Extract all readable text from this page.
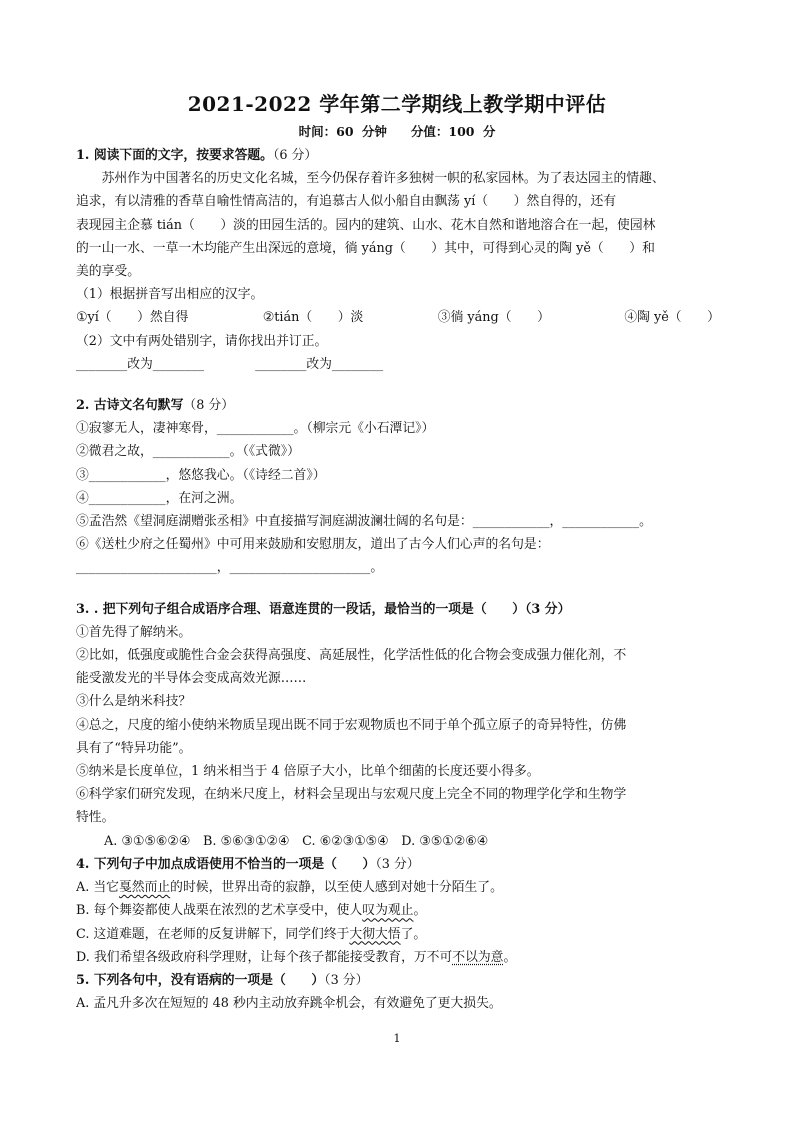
2021-2022 学年第二学期线上教学期中评估
时间：60 分钟 分值：100 分
1. 阅读下面的文字，按要求答题。（6 分）
苏州作为中国著名的历史文化名城，至今仍保存着许多独树一帜的私家园林。为了表达园主的情趣、
追求，有以清雅的香草自喻性情高洁的，有追慕古人似小船自由飘荡 yí（　　）然自得的，还有
表现园主企慕 tián（　　）淡的田园生活的。园内的建筑、山水、花木自然和谐地溶合在一起，使园林
的一山一水、一草一木均能产生出深远的意境，徜 yáng（　　）其中，可得到心灵的陶 yě（　　）和
美的享受。
（1）根据拼音写出相应的汉字。
①yí（　　）然自得	②tián（　　）淡	③徜 yáng（　　）	④陶 yě（　　）
（2）文中有两处错别字，请你找出并订正。
________改为________　　　　________改为________
2. 古诗文名句默写（8 分）
①寂寥无人，凄神寒骨，____________。（柳宗元《小石潭记》）
②微君之故，____________。（《式微》）
③____________，悠悠我心。（《诗经二首》）
④____________，在河之洲。
⑤孟浩然《望洞庭湖赠张丞相》中直接描写洞庭湖波澜壮阔的名句是：____________，____________。
⑥《送杜少府之任蜀州》中可用来鼓励和安慰朋友，道出了古今人们心声的名句是：
______________________，______________________。
3. . 把下列句子组合成语序合理、语意连贯的一段话，最恰当的一项是（　　）（3 分）
①首先得了解纳米。
②比如，低强度或脆性合金会获得高强度、高延展性，化学活性低的化合物会变成强力催化剂，不
能受激发光的半导体会变成高效光源……
③什么是纳米科技？
④总之，尺度的缩小使纳米物质呈现出既不同于宏观物质也不同于单个孤立原子的奇异特性，仿佛
具有了“特异功能”。
⑤纳米是长度单位，1 纳米相当于 4 倍原子大小，比单个细菌的长度还要小得多。
⑥科学家们研究发现，在纳米尺度上，材料会呈现出与宏观尺度上完全不同的物理学化学和生物学
特性。
A. ③①⑤⑥②④　B. ⑤⑥③①②④　C. ⑥②③①⑤④　D. ③⑤①②⑥④
4. 下列句子中加点成语使用不恰当的一项是（　　）（3 分）
A. 当它戛然而止的时候，世界出奇的寂静，以至使人感到对她十分陌生了。
B. 每个舞姿都使人战栗在浓烈的艺术享受中，使人叹为观止。
C. 这道难题，在老师的反复讲解下，同学们终于大彻大悟了。
D. 我们希望各级政府科学理财，让每个孩子都能接受教育，万不可不以为意。
5. 下列各句中，没有语病的一项是（　　）（3 分）
A. 孟凡升多次在短短的 48 秒内主动放弃跳伞机会，有效避免了更大损失。
1
